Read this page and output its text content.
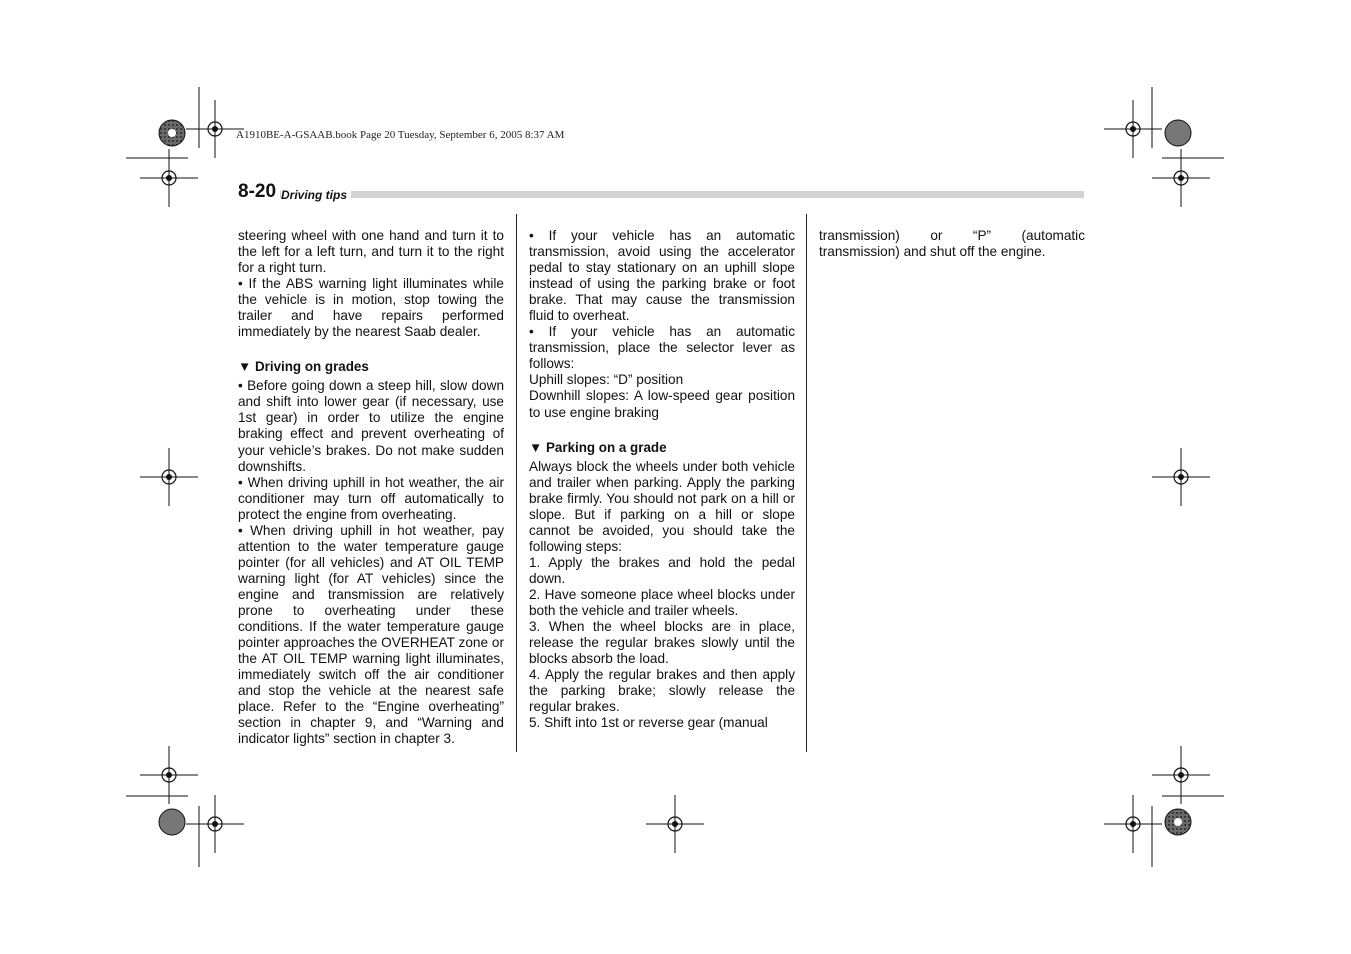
A1910BE-A-GSAAB.book Page 20 Tuesday, September 6, 2005 8:37 AM
8-20 Driving tips

steering wheel with one hand and turn it to the left for a left turn, and turn it to the right for a right turn.

• If the ABS warning light illuminates while the vehicle is in motion, stop towing the trailer and have repairs performed immediately by the nearest Saab dealer.

▼ Driving on grades

• Before going down a steep hill, slow down and shift into lower gear (if necessary, use 1st gear) in order to utilize the engine braking effect and prevent overheating of your vehicle’s brakes. Do not make sudden downshifts.

• When driving uphill in hot weather, the air conditioner may turn off automatically to protect the engine from overheating.

• When driving uphill in hot weather, pay attention to the water temperature gauge pointer (for all vehicles) and AT OIL TEMP warning light (for AT vehicles) since the engine and transmission are relatively prone to overheating under these conditions. If the water temperature gauge pointer approaches the OVERHEAT zone or the AT OIL TEMP warning light illuminates, immediately switch off the air conditioner and stop the vehicle at the nearest safe place. Refer to the “Engine overheating” section in chapter 9, and “Warning and indicator lights” section in chapter 3.

• If your vehicle has an automatic transmission, avoid using the accelerator pedal to stay stationary on an uphill slope instead of using the parking brake or foot brake. That may cause the transmission fluid to overheat.

• If your vehicle has an automatic transmission, place the selector lever as follows:

Uphill slopes: “D” position

Downhill slopes: A low-speed gear position to use engine braking

▼ Parking on a grade

Always block the wheels under both vehicle and trailer when parking. Apply the parking brake firmly. You should not park on a hill or slope. But if parking on a hill or slope cannot be avoided, you should take the following steps:

1. Apply the brakes and hold the pedal down.

2. Have someone place wheel blocks under both the vehicle and trailer wheels.

3. When the wheel blocks are in place, release the regular brakes slowly until the blocks absorb the load.

4. Apply the regular brakes and then apply the parking brake; slowly release the regular brakes.

5. Shift into 1st or reverse gear (manual

transmission) or “P” (automatic transmission) and shut off the engine.
